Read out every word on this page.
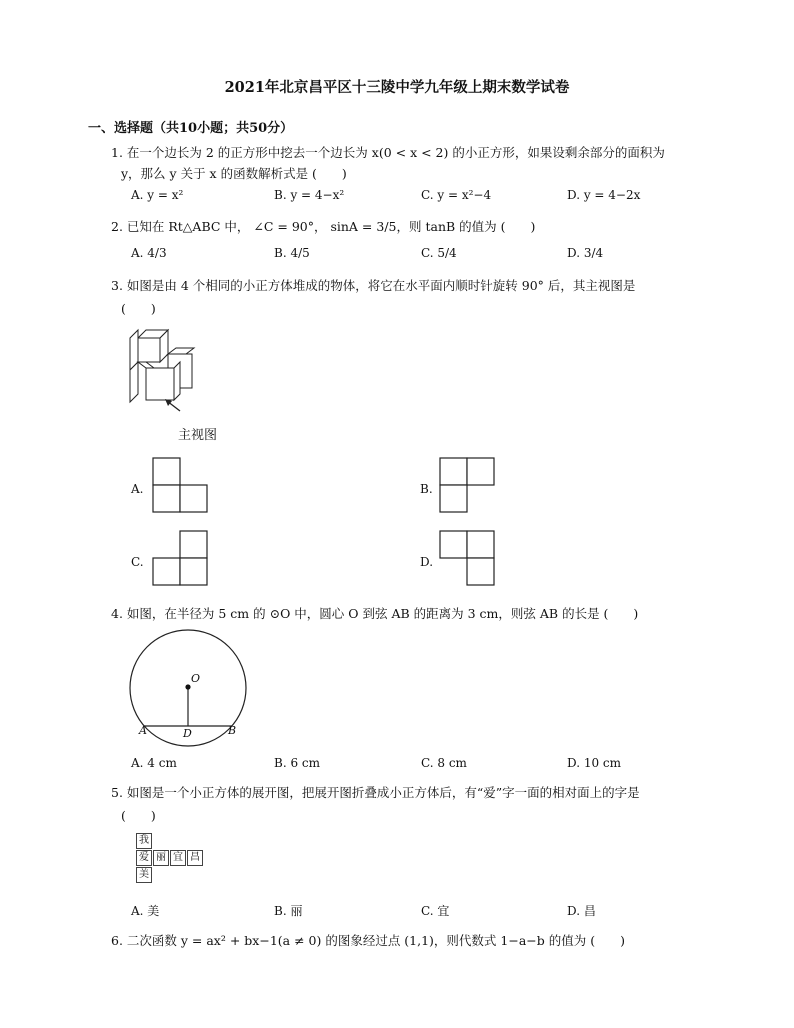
2021年北京昌平区十三陵中学九年级上期末数学试卷
一、选择题（共10小题；共50分）
1. 在一个边长为 2 的正方形中挖去一个边长为 x(0 < x < 2) 的小正方形，如果设剩余部分的面积为
y，那么 y 关于 x 的函数解析式是 (　　)
A. y = x²	B. y = 4−x²	C. y = x²−4	D. y = 4−2x
2. 已知在 Rt△ABC 中， ∠C = 90°， sinA = 3/5，则 tanB 的值为 (　　)
A. 4/3	B. 4/5	C. 5/4	D. 3/4
3. 如图是由 4 个相同的小正方体堆成的物体，将它在水平面内顺时针旋转 90° 后，其主视图是
(　　)
主视图
A.	B.
C.	D.
4. 如图，在半径为 5 cm 的 ⊙O 中，圆心 O 到弦 AB 的距离为 3 cm，则弦 AB 的长是 (　　)
O
A	D	B
A. 4 cm	B. 6 cm	C. 8 cm	D. 10 cm
5. 如图是一个小正方体的展开图，把展开图折叠成小正方体后，有“爱”字一面的相对面上的字是
(　　)
我
爱 丽 宜 昌
美
A. 美	B. 丽	C. 宜	D. 昌
6. 二次函数 y = ax² + bx−1(a ≠ 0) 的图象经过点 (1,1)，则代数式 1−a−b 的值为 (　　)
